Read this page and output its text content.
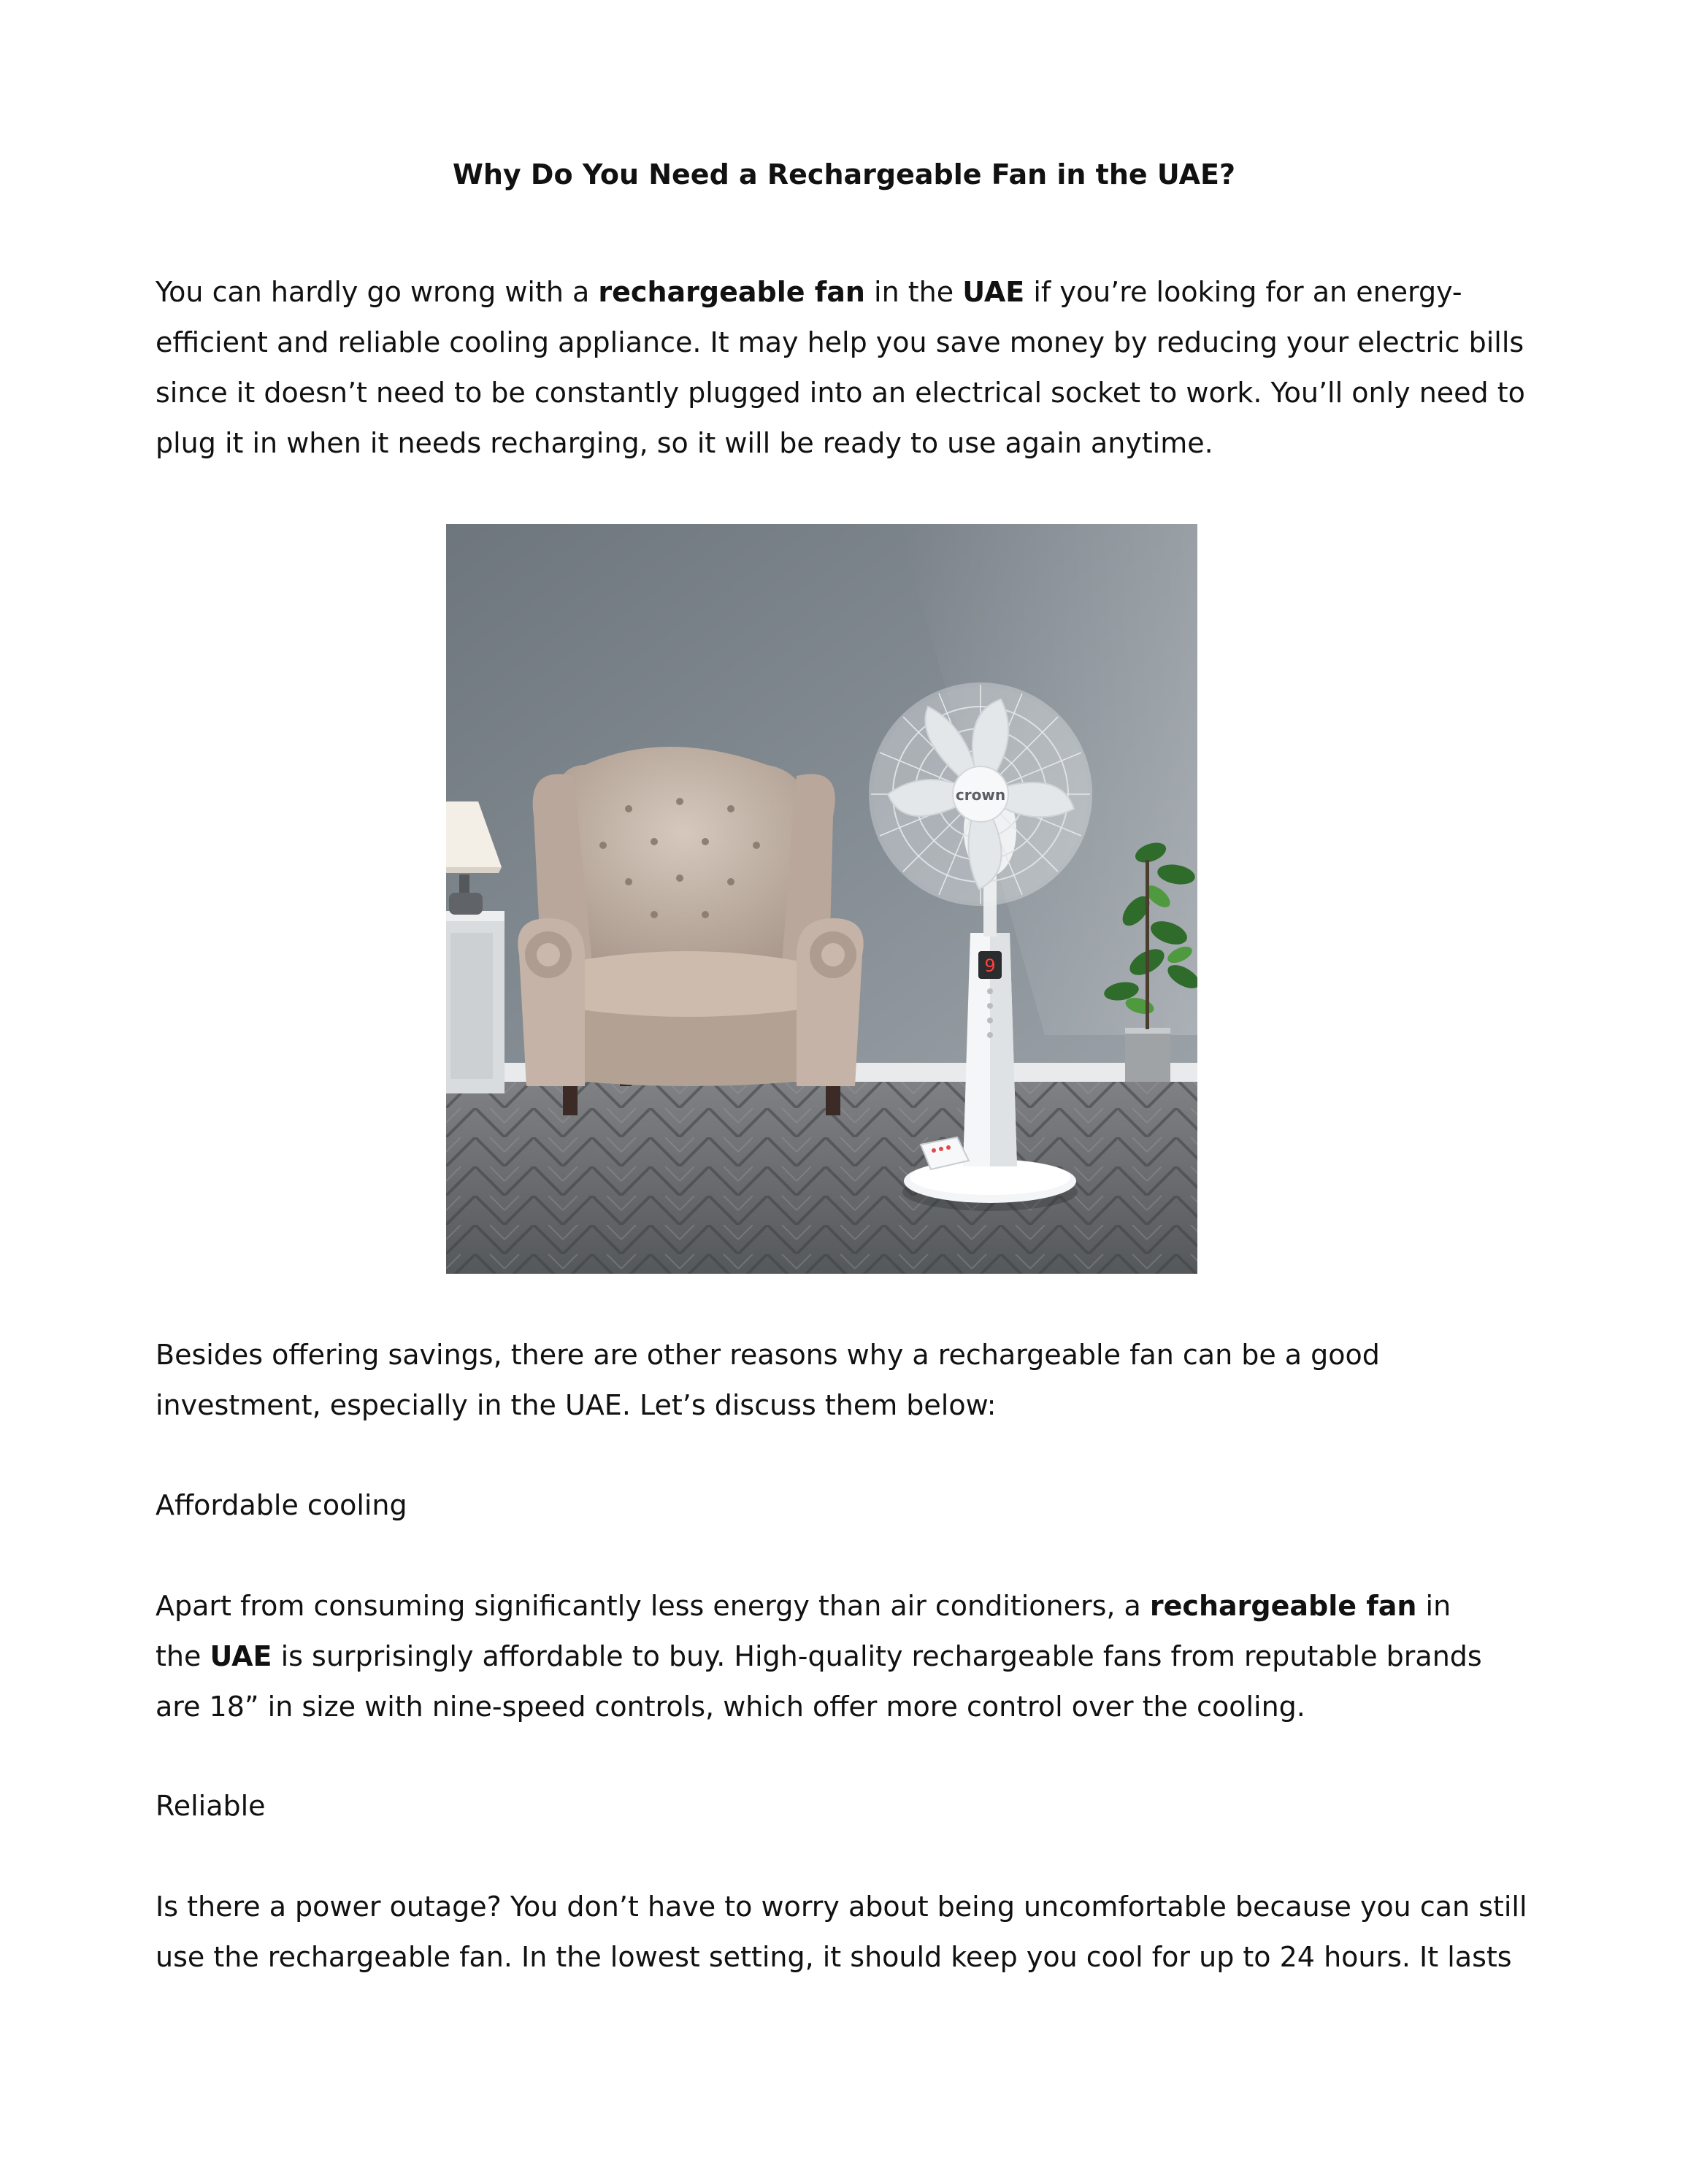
Why Do You Need a Rechargeable Fan in the UAE?

You can hardly go wrong with a rechargeable fan in the UAE if you’re looking for an energy-
efficient and reliable cooling appliance. It may help you save money by reducing your electric bills
since it doesn’t need to be constantly plugged into an electrical socket to work. You’ll only need to
plug it in when it needs recharging, so it will be ready to use again anytime.

9
crown

Besides offering savings, there are other reasons why a rechargeable fan can be a good
investment, especially in the UAE. Let’s discuss them below:

Affordable cooling

Apart from consuming significantly less energy than air conditioners, a rechargeable fan in
the UAE is surprisingly affordable to buy. High-quality rechargeable fans from reputable brands
are 18” in size with nine-speed controls, which offer more control over the cooling.

Reliable

Is there a power outage? You don’t have to worry about being uncomfortable because you can still
use the rechargeable fan. In the lowest setting, it should keep you cool for up to 24 hours. It lasts
